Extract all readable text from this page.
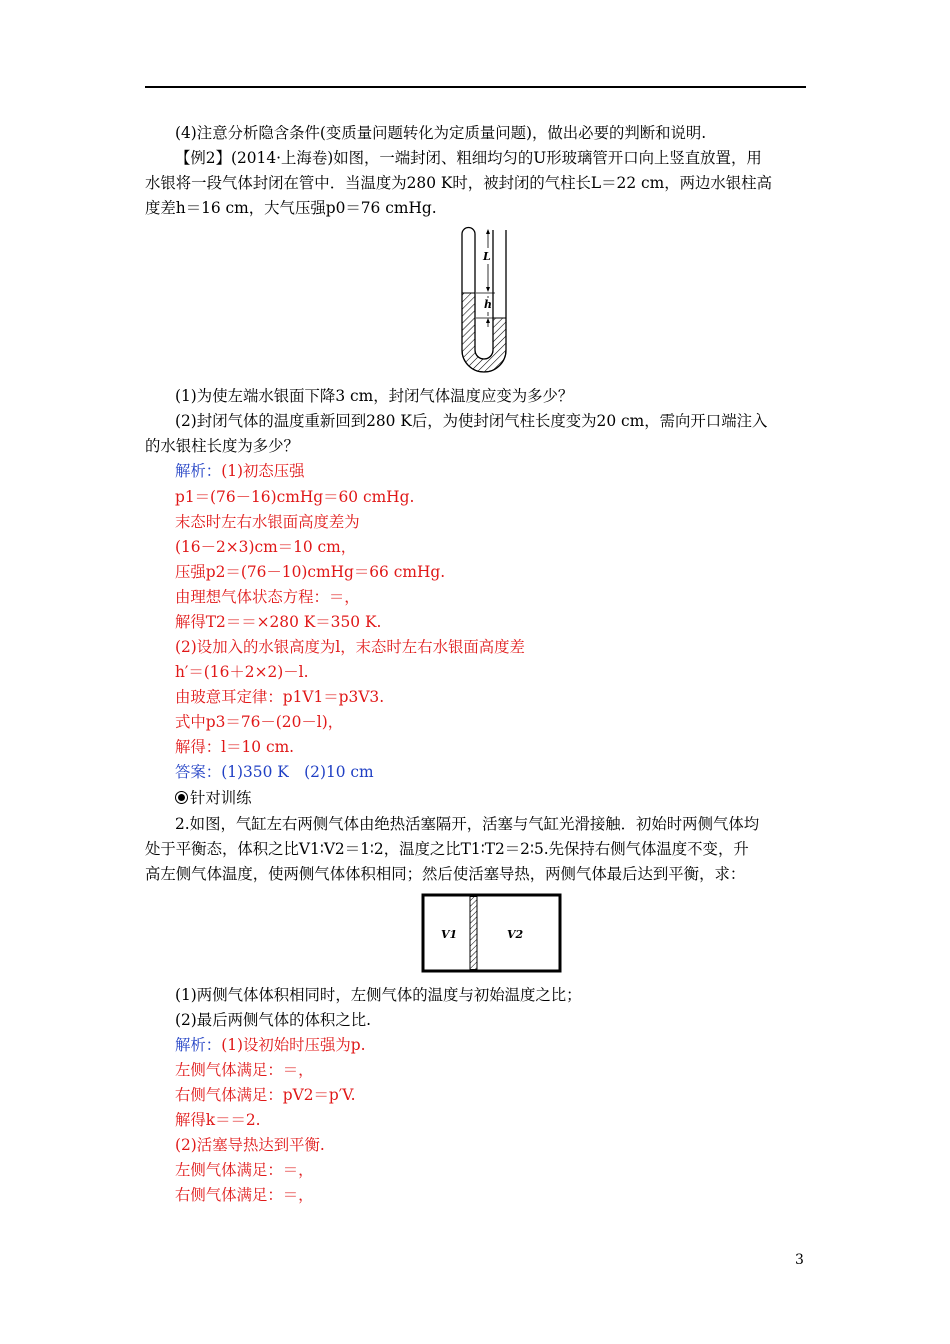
(4)注意分析隐含条件(变质量问题转化为定质量问题)，做出必要的判断和说明.
【例2】(2014·上海卷)如图，一端封闭、粗细均匀的U形玻璃管开口向上竖直放置，用
水银将一段气体封闭在管中．当温度为280 K时，被封闭的气柱长L＝22 cm，两边水银柱高
度差h＝16 cm，大气压强p0＝76 cmHg.
L
h
(1)为使左端水银面下降3 cm，封闭气体温度应变为多少？
(2)封闭气体的温度重新回到280 K后，为使封闭气柱长度变为20 cm，需向开口端注入
的水银柱长度为多少？
解析：(1)初态压强
p1＝(76－16)cmHg＝60 cmHg.
末态时左右水银面高度差为
(16－2×3)cm＝10 cm，
压强p2＝(76－10)cmHg＝66 cmHg.
由理想气体状态方程：＝，
解得T2＝＝×280 K＝350 K.
(2)设加入的水银高度为l，末态时左右水银面高度差
h′＝(16＋2×2)－l.
由玻意耳定律：p1V1＝p3V3.
式中p3＝76－(20－l)，
解得：l＝10 cm.
答案：(1)350 K　(2)10 cm
针对训练
2.如图，气缸左右两侧气体由绝热活塞隔开，活塞与气缸光滑接触．初始时两侧气体均
处于平衡态，体积之比V1∶V2＝1∶2，温度之比T1∶T2＝2∶5.先保持右侧气体温度不变，升
高左侧气体温度，使两侧气体体积相同；然后使活塞导热，两侧气体最后达到平衡，求：
V1	V2
(1)两侧气体体积相同时，左侧气体的温度与初始温度之比；
(2)最后两侧气体的体积之比.
解析：(1)设初始时压强为p.
左侧气体满足：＝，
右侧气体满足：pV2＝p′V.
解得k＝＝2.
(2)活塞导热达到平衡.
左侧气体满足：＝，
右侧气体满足：＝，
3
